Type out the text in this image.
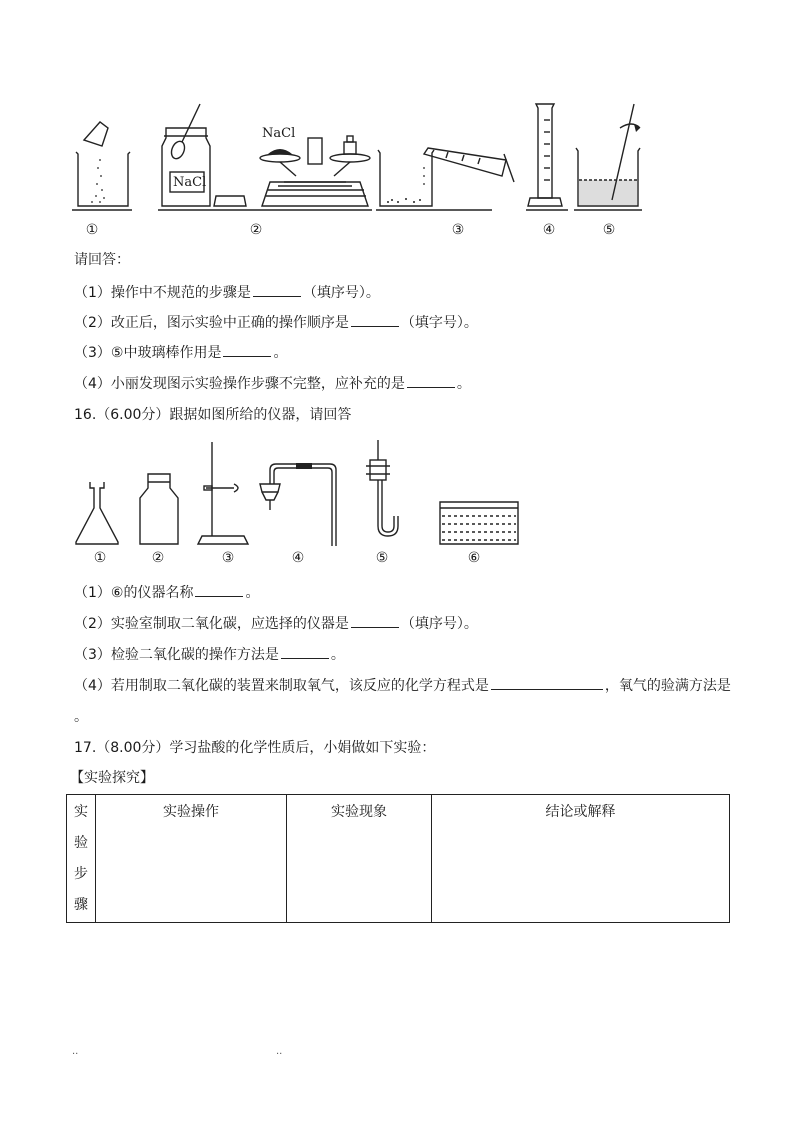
NaCl
NaCl
①	②	③	④	⑤
请回答：
（1）操作中不规范的步骤是	（填序号）。
（2）改正后，图示实验中正确的操作顺序是	（填字号）。
（3）⑤中玻璃棒作用是	。
（4）小丽发现图示实验操作步骤不完整，应补充的是	。
16.（6.00分）跟据如图所给的仪器，请回答
①	②	③	④	⑤	⑥
（1）⑥的仪器名称	。
（2）实验室制取二氧化碳，应选择的仪器是	（填序号）。
（3）检验二氧化碳的操作方法是	。
（4）若用制取二氧化碳的装置来制取氧气，该反应的化学方程式是	，氧气的验满方法是
。
17.（8.00分）学习盐酸的化学性质后，小娟做如下实验：
【实验探究】
实
验
步
骤
	实验操作	实验现象	结论或解释
..	..
